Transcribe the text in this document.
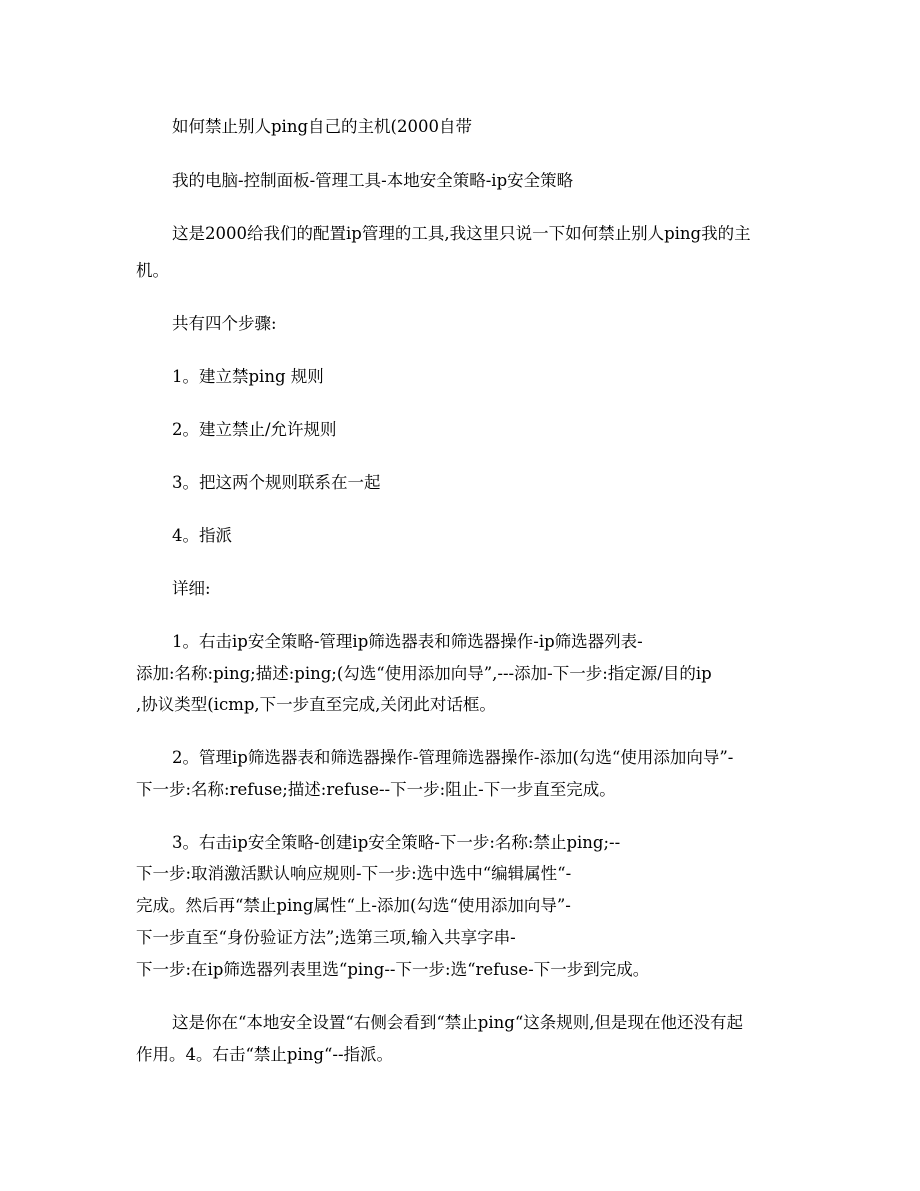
如何禁止别人ping自己的主机(2000自带
我的电脑-控制面板-管理工具-本地安全策略-ip安全策略
这是2000给我们的配置ip管理的工具,我这里只说一下如何禁止别人ping我的主
机。
共有四个步骤:
1。建立禁ping 规则
2。建立禁止/允许规则
3。把这两个规则联系在一起
4。指派
详细:
1。右击ip安全策略-管理ip筛选器表和筛选器操作-ip筛选器列表-
添加:名称:ping;描述:ping;(勾选“使用添加向导”,---添加-下一步:指定源/目的ip
,协议类型(icmp,下一步直至完成,关闭此对话框。
2。管理ip筛选器表和筛选器操作-管理筛选器操作-添加(勾选“使用添加向导”-
下一步:名称:refuse;描述:refuse--下一步:阻止-下一步直至完成。
3。右击ip安全策略-创建ip安全策略-下一步:名称:禁止ping;--
下一步:取消激活默认响应规则-下一步:选中选中“编辑属性“-
完成。然后再“禁止ping属性“上-添加(勾选“使用添加向导”-
下一步直至“身份验证方法”;选第三项,输入共享字串-
下一步:在ip筛选器列表里选“ping--下一步:选“refuse-下一步到完成。
这是你在“本地安全设置“右侧会看到“禁止ping“这条规则,但是现在他还没有起
作用。4。右击“禁止ping“--指派。
